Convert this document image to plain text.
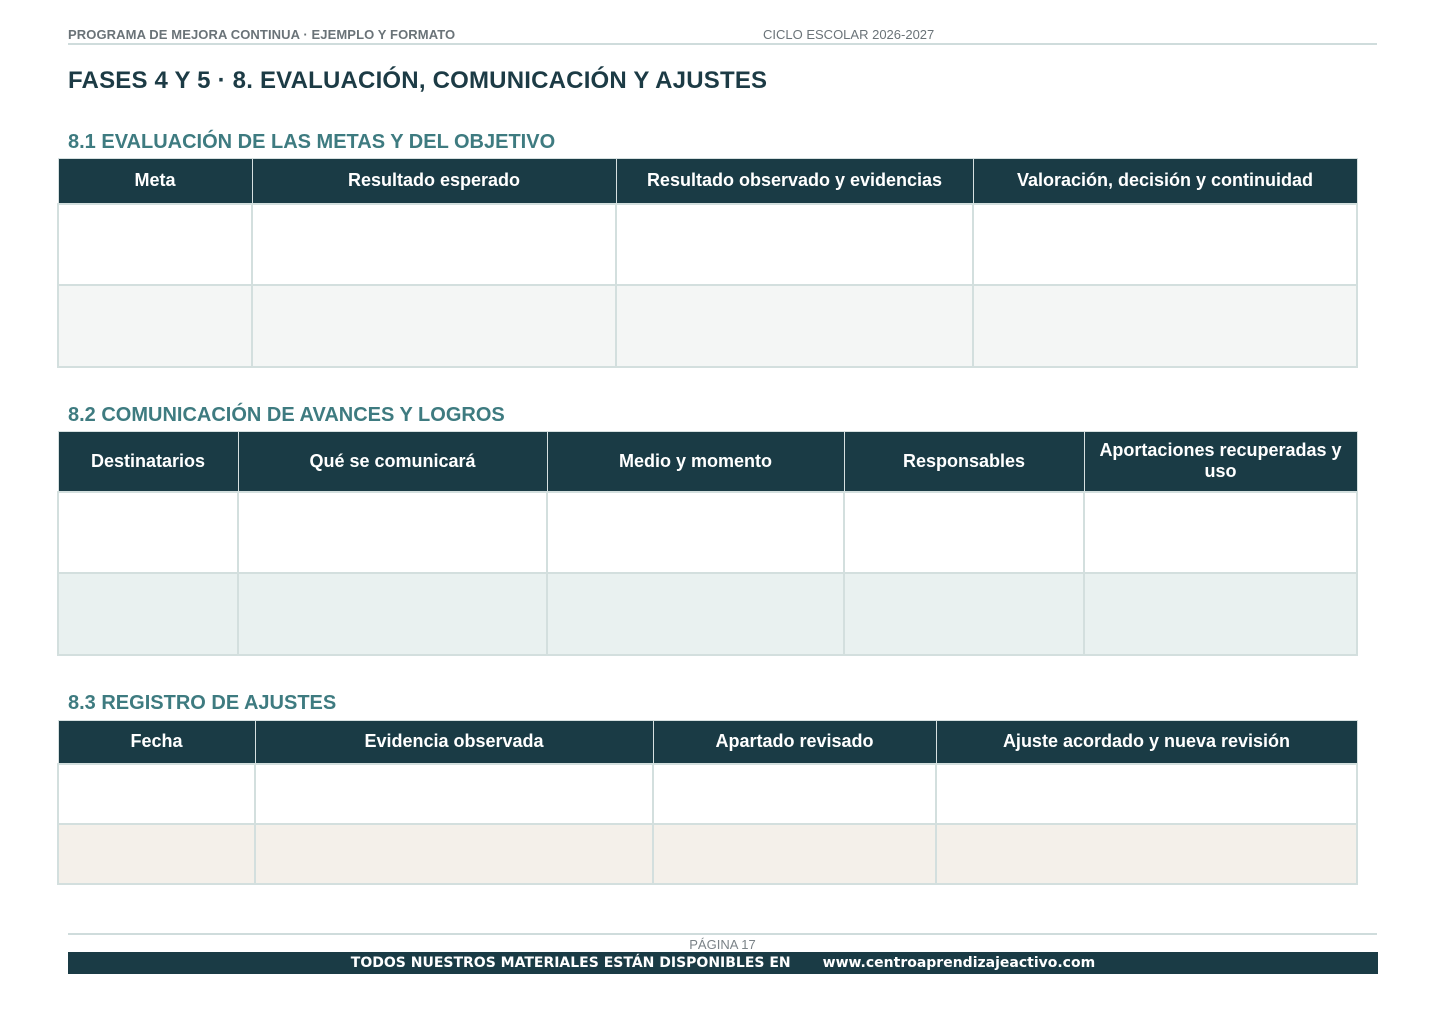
PROGRAMA DE MEJORA CONTINUA · EJEMPLO Y FORMATO	CICLO ESCOLAR 2026-2027
FASES 4 Y 5 · 8. EVALUACIÓN, COMUNICACIÓN Y AJUSTES
8.1 EVALUACIÓN DE LAS METAS Y DEL OBJETIVO
Meta	Resultado esperado	Resultado observado y evidencias	Valoración, decisión y continuidad

8.2 COMUNICACIÓN DE AVANCES Y LOGROS
Destinatarios	Qué se comunicará	Medio y momento	Responsables	Aportaciones recuperadas y uso

8.3 REGISTRO DE AJUSTES
Fecha	Evidencia observada	Apartado revisado	Ajuste acordado y nueva revisión

PÁGINA 17
TODOS NUESTROS MATERIALES ESTÁN DISPONIBLES EN www.centroaprendizajeactivo.com
